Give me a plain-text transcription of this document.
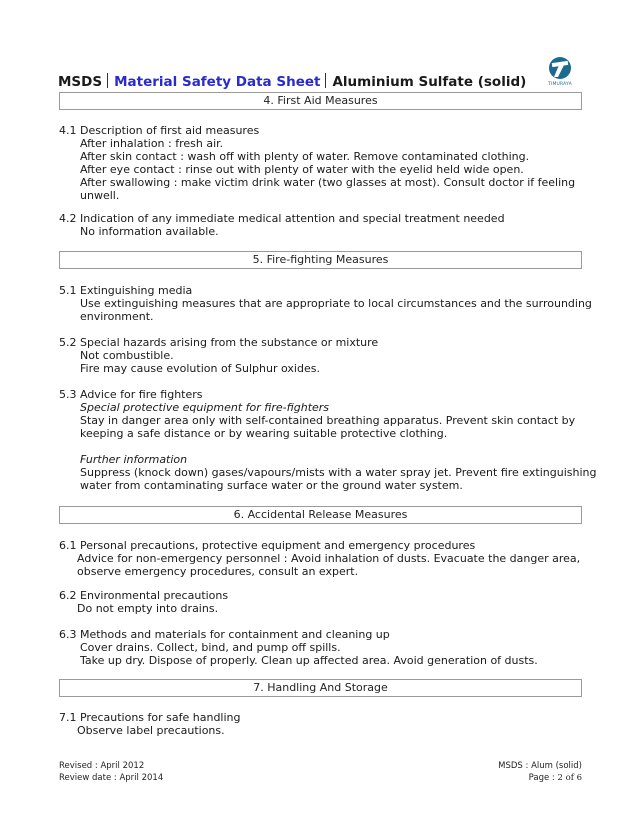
MSDS Material Safety Data Sheet Aluminium Sulfate (solid)	TIMURAYA
4. First Aid Measures
4.1 Description of first aid measures
After inhalation : fresh air.
After skin contact : wash off with plenty of water. Remove contaminated clothing.
After eye contact : rinse out with plenty of water with the eyelid held wide open.
After swallowing : make victim drink water (two glasses at most). Consult doctor if feeling
unwell.
4.2 Indication of any immediate medical attention and special treatment needed
No information available.
5. Fire-fighting Measures
5.1 Extinguishing media
Use extinguishing measures that are appropriate to local circumstances and the surrounding
environment.
5.2 Special hazards arising from the substance or mixture
Not combustible.
Fire may cause evolution of Sulphur oxides.
5.3 Advice for fire fighters
Special protective equipment for fire-fighters
Stay in danger area only with self-contained breathing apparatus. Prevent skin contact by
keeping a safe distance or by wearing suitable protective clothing.
Further information
Suppress (knock down) gases/vapours/mists with a water spray jet. Prevent fire extinguishing
water from contaminating surface water or the ground water system.
6. Accidental Release Measures
6.1 Personal precautions, protective equipment and emergency procedures
Advice for non-emergency personnel : Avoid inhalation of dusts. Evacuate the danger area,
observe emergency procedures, consult an expert.
6.2 Environmental precautions
Do not empty into drains.
6.3 Methods and materials for containment and cleaning up
Cover drains. Collect, bind, and pump off spills.
Take up dry. Dispose of properly. Clean up affected area. Avoid generation of dusts.
7. Handling And Storage
7.1 Precautions for safe handling
Observe label precautions.
Revised : April 2012
Review date : April 2014
MSDS : Alum (solid)
Page : 2 of 6
